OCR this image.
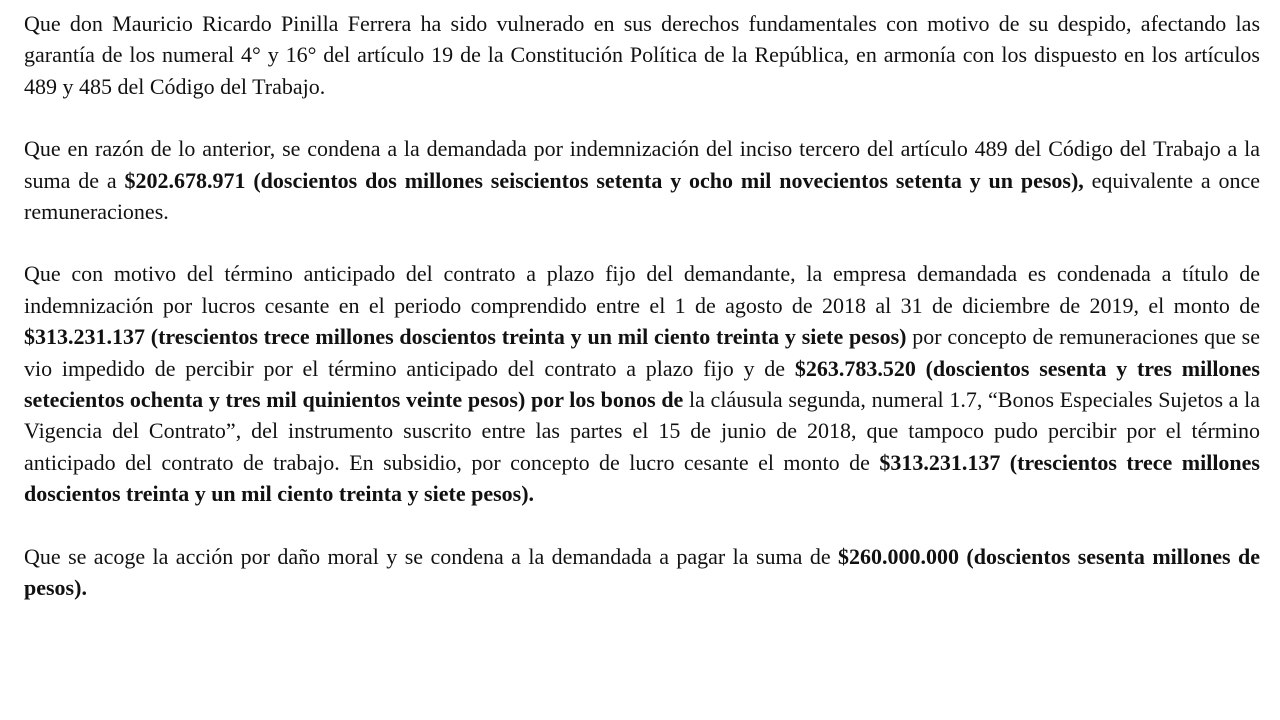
Que don Mauricio Ricardo Pinilla Ferrera ha sido vulnerado en sus derechos fundamentales con motivo de su despido, afectando las garantía de los numeral 4° y 16° del artículo 19 de la Constitución Política de la República, en armonía con los dispuesto en los artículos 489 y 485 del Código del Trabajo.

Que en razón de lo anterior, se condena a la demandada por indemnización del inciso tercero del artículo 489 del Código del Trabajo a la suma de a $202.678.971 (doscientos dos millones seiscientos setenta y ocho mil novecientos setenta y un pesos), equivalente a once remuneraciones.

Que con motivo del término anticipado del contrato a plazo fijo del demandante, la empresa demandada es condenada a título de indemnización por lucros cesante en el periodo comprendido entre el 1 de agosto de 2018 al 31 de diciembre de 2019, el monto de $313.231.137 (trescientos trece millones doscientos treinta y un mil ciento treinta y siete pesos) por concepto de remuneraciones que se vio impedido de percibir por el término anticipado del contrato a plazo fijo y de $263.783.520 (doscientos sesenta y tres millones setecientos ochenta y tres mil quinientos veinte pesos) por los bonos de la cláusula segunda, numeral 1.7, “Bonos Especiales Sujetos a la Vigencia del Contrato”, del instrumento suscrito entre las partes el 15 de junio de 2018, que tampoco pudo percibir por el término anticipado del contrato de trabajo. En subsidio, por concepto de lucro cesante el monto de $313.231.137 (trescientos trece millones doscientos treinta y un mil ciento treinta y siete pesos).

Que se acoge la acción por daño moral y se condena a la demandada a pagar la suma de $260.000.000 (doscientos sesenta millones de pesos).
